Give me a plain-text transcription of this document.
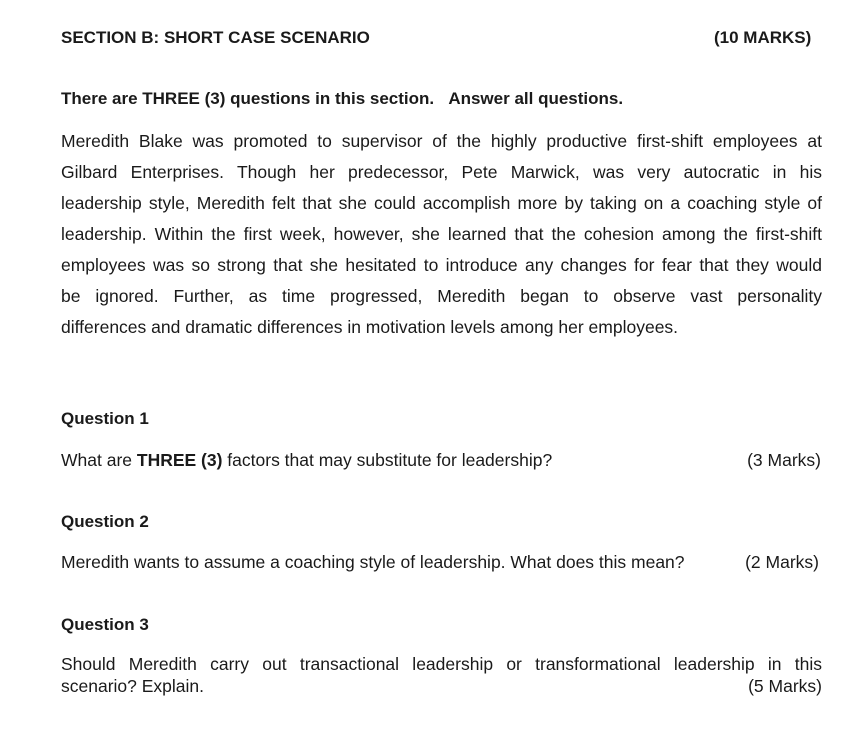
SECTION B: SHORT CASE SCENARIO	(10 MARKS)
There are THREE (3) questions in this section. Answer all questions.
Meredith Blake was promoted to supervisor of the highly productive first-shift employees at
Gilbard Enterprises. Though her predecessor, Pete Marwick, was very autocratic in his
leadership style, Meredith felt that she could accomplish more by taking on a coaching style of
leadership. Within the first week, however, she learned that the cohesion among the first-shift
employees was so strong that she hesitated to introduce any changes for fear that they would
be ignored. Further, as time progressed, Meredith began to observe vast personality
differences and dramatic differences in motivation levels among her employees.
Question 1
What are THREE (3) factors that may substitute for leadership?	(3 Marks)
Question 2
Meredith wants to assume a coaching style of leadership. What does this mean?	(2 Marks)
Question 3
Should Meredith carry out transactional leadership or transformational leadership in this
scenario? Explain.	(5 Marks)
